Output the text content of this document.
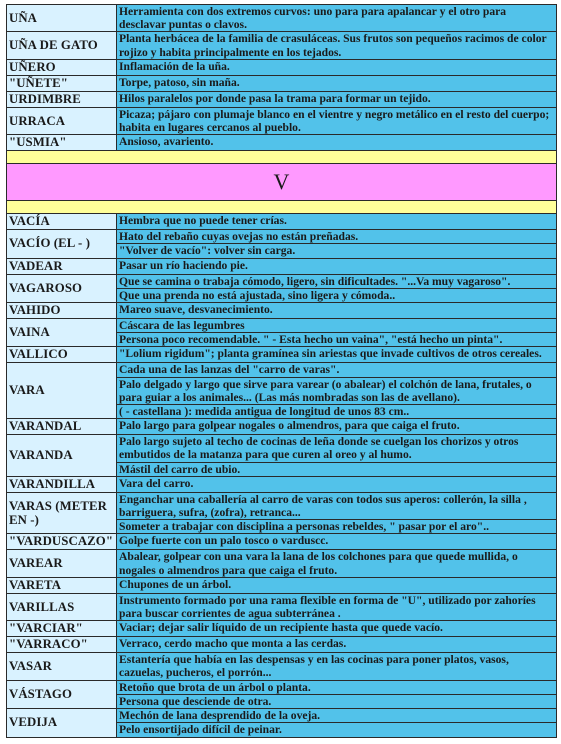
UÑA	Herramienta con dos extremos curvos: uno para para apalancar y el otro para desclavar puntas o clavos.
UÑA DE GATO	Planta herbácea de la familia de crasuláceas. Sus frutos son pequeños racimos de color rojizo y habita principalmente en los tejados.
UÑERO	Inflamación de la uña.
"UÑETE"	Torpe, patoso, sin maña.
URDIMBRE	Hilos paralelos por donde pasa la trama para formar un tejido.
URRACA	Picaza; pájaro con plumaje blanco en el vientre y negro metálico en el resto del cuerpo; habita en lugares cercanos al pueblo.
"USMIA"	Ansioso, avariento.

V	

VACÍA	Hembra que no puede tener crías.
VACÍO (EL - )	Hato del rebaño cuyas ovejas no están preñadas.
	"Volver de vacío": volver sin carga.
VADEAR	Pasar un río haciendo pie.
VAGAROSO	Que se camina o trabaja cómodo, ligero, sin dificultades. "...Va muy vagaroso".
	Que una prenda no está ajustada, sino ligera y cómoda..
VAHIDO	Mareo suave, desvanecimiento.
VAINA	Cáscara de las legumbres
	Persona poco recomendable. " - Esta hecho un vaina", "está hecho un pinta".
VALLICO	"Lolium rigidum"; planta gramínea sin ariestas que invade cultivos de otros cereales.
VARA	Cada una de las lanzas del "carro de varas".
	Palo delgado y largo que sirve para varear (o abalear) el colchón de lana, frutales, o para guiar a los animales... (Las más nombradas son las de avellano).
	( - castellana ): medida antigua de longitud de unos 83 cm..
VARANDAL	Palo largo para golpear nogales o almendros, para que caiga el fruto.
VARANDA	Palo largo sujeto al techo de cocinas de leña donde se cuelgan los chorizos y otros embutidos de la matanza para que curen al oreo y al humo.
	Mástil del carro de ubio.
VARANDILLA	Vara del carro.
VARAS (METER EN -)	Enganchar una caballería al carro de varas con todos sus aperos: collerón, la silla , barriguera, sufra, (zofra), retranca...
	Someter a trabajar con disciplina a personas rebeldes, " pasar por el aro"..
"VARDUSCAZO"	Golpe fuerte con un palo tosco o varduscc.
VAREAR	Abalear, golpear con una vara la lana de los colchones para que quede mullida, o nogales o almendros para que caiga el fruto.
VARETA	Chupones de un árbol.
VARILLAS	Instrumento formado por una rama flexible en forma de "U", utilizado por zahoríes para buscar corrientes de agua subterránea .
"VARCIAR"	Vaciar; dejar salir líquido de un recipiente hasta que quede vacío.
"VARRACO"	Verraco, cerdo macho que monta a las cerdas.
VASAR	Estantería que había en las despensas y en las cocinas para poner platos, vasos, cazuelas, pucheros, el porrón...
VÁSTAGO	Retoño que brota de un árbol o planta.
	Persona que desciende de otra.
VEDIJA	Mechón de lana desprendido de la oveja.
	Pelo ensortijado difícil de peinar.
